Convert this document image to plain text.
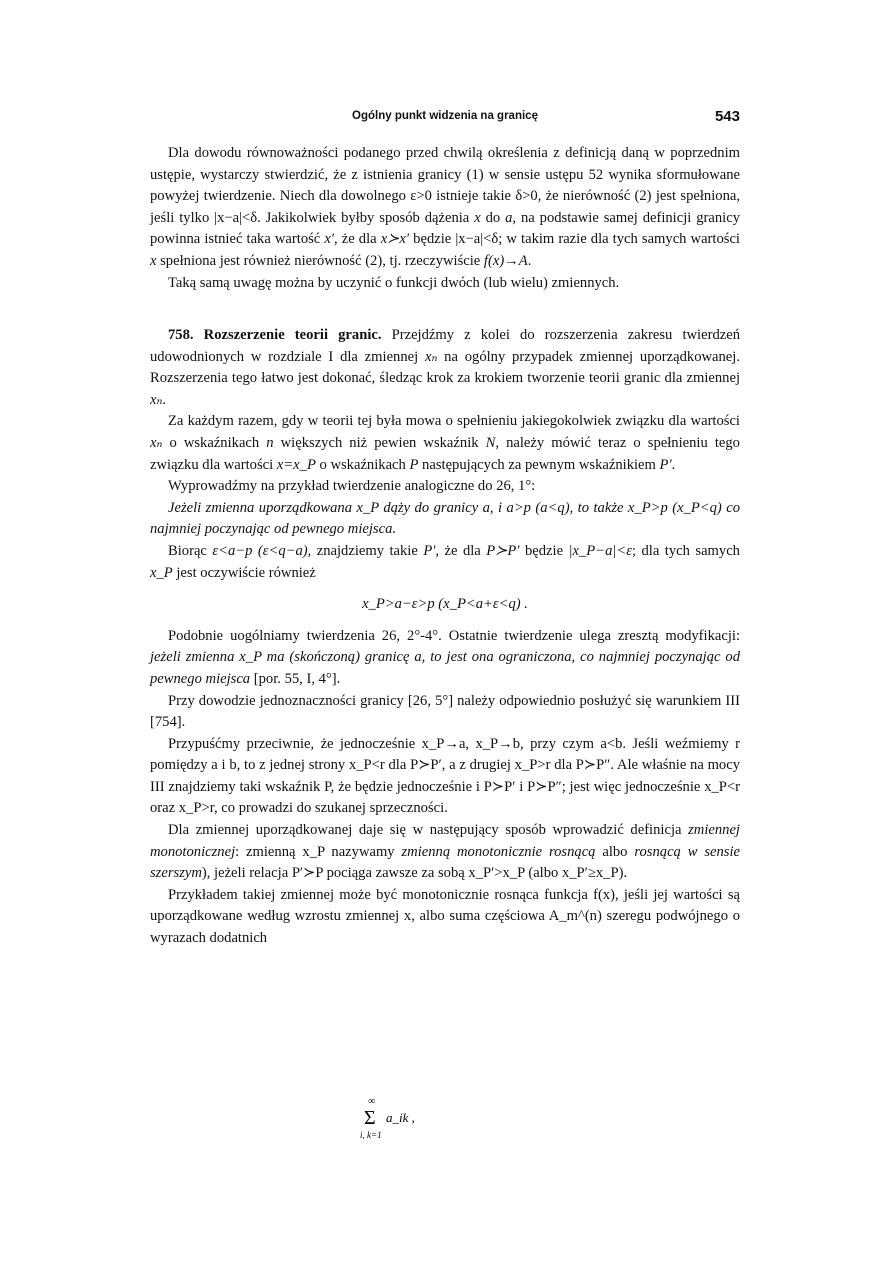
Ogólny punkt widzenia na granicę	543

Dla dowodu równoważności podanego przed chwilą określenia z definicją daną w poprzednim ustępie, wystarczy stwierdzić, że z istnienia granicy (1) w sensie ustępu 52 wynika sformułowane powyżej twierdzenie. Niech dla dowolnego ε>0 istnieje takie δ>0, że nierówność (2) jest spełniona, jeśli tylko |x−a|<δ. Jakikolwiek byłby sposób dążenia x do a, na podstawie samej definicji granicy powinna istnieć taka wartość x′, że dla x≻x′ będzie |x−a|<δ; w takim razie dla tych samych wartości x spełniona jest również nierówność (2), tj. rzeczywiście f(x)→A.

Taką samą uwagę można by uczynić o funkcji dwóch (lub wielu) zmiennych.

758. Rozszerzenie teorii granic. Przejdźmy z kolei do rozszerzenia zakresu twierdzeń udowodnionych w rozdziale I dla zmiennej xₙ na ogólny przypadek zmiennej uporządkowanej. Rozszerzenia tego łatwo jest dokonać, śledząc krok za krokiem tworzenie teorii granic dla zmiennej xₙ.

Za każdym razem, gdy w teorii tej była mowa o spełnieniu jakiegokolwiek związku dla wartości xₙ o wskaźnikach n większych niż pewien wskaźnik N, należy mówić teraz o spełnieniu tego związku dla wartości x=x_P o wskaźnikach P następujących za pewnym wskaźnikiem P′.

Wyprowadźmy na przykład twierdzenie analogiczne do 26, 1°:

Jeżeli zmienna uporządkowana x_P dąży do granicy a, i a>p (a<q), to także x_P>p (x_P<q) co najmniej poczynając od pewnego miejsca.

Biorąc ε<a−p (ε<q−a), znajdziemy takie P′, że dla P≻P′ będzie |x_P−a|<ε; dla tych samych x_P jest oczywiście również

x_P>a−ε>p (x_P<a+ε<q) .

Podobnie uogólniamy twierdzenia 26, 2°-4°. Ostatnie twierdzenie ulega zresztą modyfikacji: jeżeli zmienna x_P ma (skończoną) granicę a, to jest ona ograniczona, co najmniej poczynając od pewnego miejsca [por. 55, I, 4°].

Przy dowodzie jednoznaczności granicy [26, 5°] należy odpowiednio posłużyć się warunkiem III [754].

Przypuśćmy przeciwnie, że jednocześnie x_P→a, x_P→b, przy czym a<b. Jeśli weźmiemy r pomiędzy a i b, to z jednej strony x_P<r dla P≻P′, a z drugiej x_P>r dla P≻P″. Ale właśnie na mocy III znajdziemy taki wskaźnik P, że będzie jednocześnie i P≻P′ i P≻P″; jest więc jednocześnie x_P<r oraz x_P>r, co prowadzi do szukanej sprzeczności.

Dla zmiennej uporządkowanej daje się w następujący sposób wprowadzić definicja zmiennej monotonicznej: zmienną x_P nazywamy zmienną monotonicznie rosnącą albo rosnącą w sensie szerszym), jeżeli relacja P′≻P pociąga zawsze za sobą x_P′>x_P (albo x_P′≥x_P).

Przykładem takiej zmiennej może być monotonicznie rosnąca funkcja f(x), jeśli jej wartości są uporządkowane według wzrostu zmiennej x, albo suma częściowa A_m^(n) szeregu podwójnego o wyrazach dodatnich

∞
Σ a_ik ,
i, k=1
